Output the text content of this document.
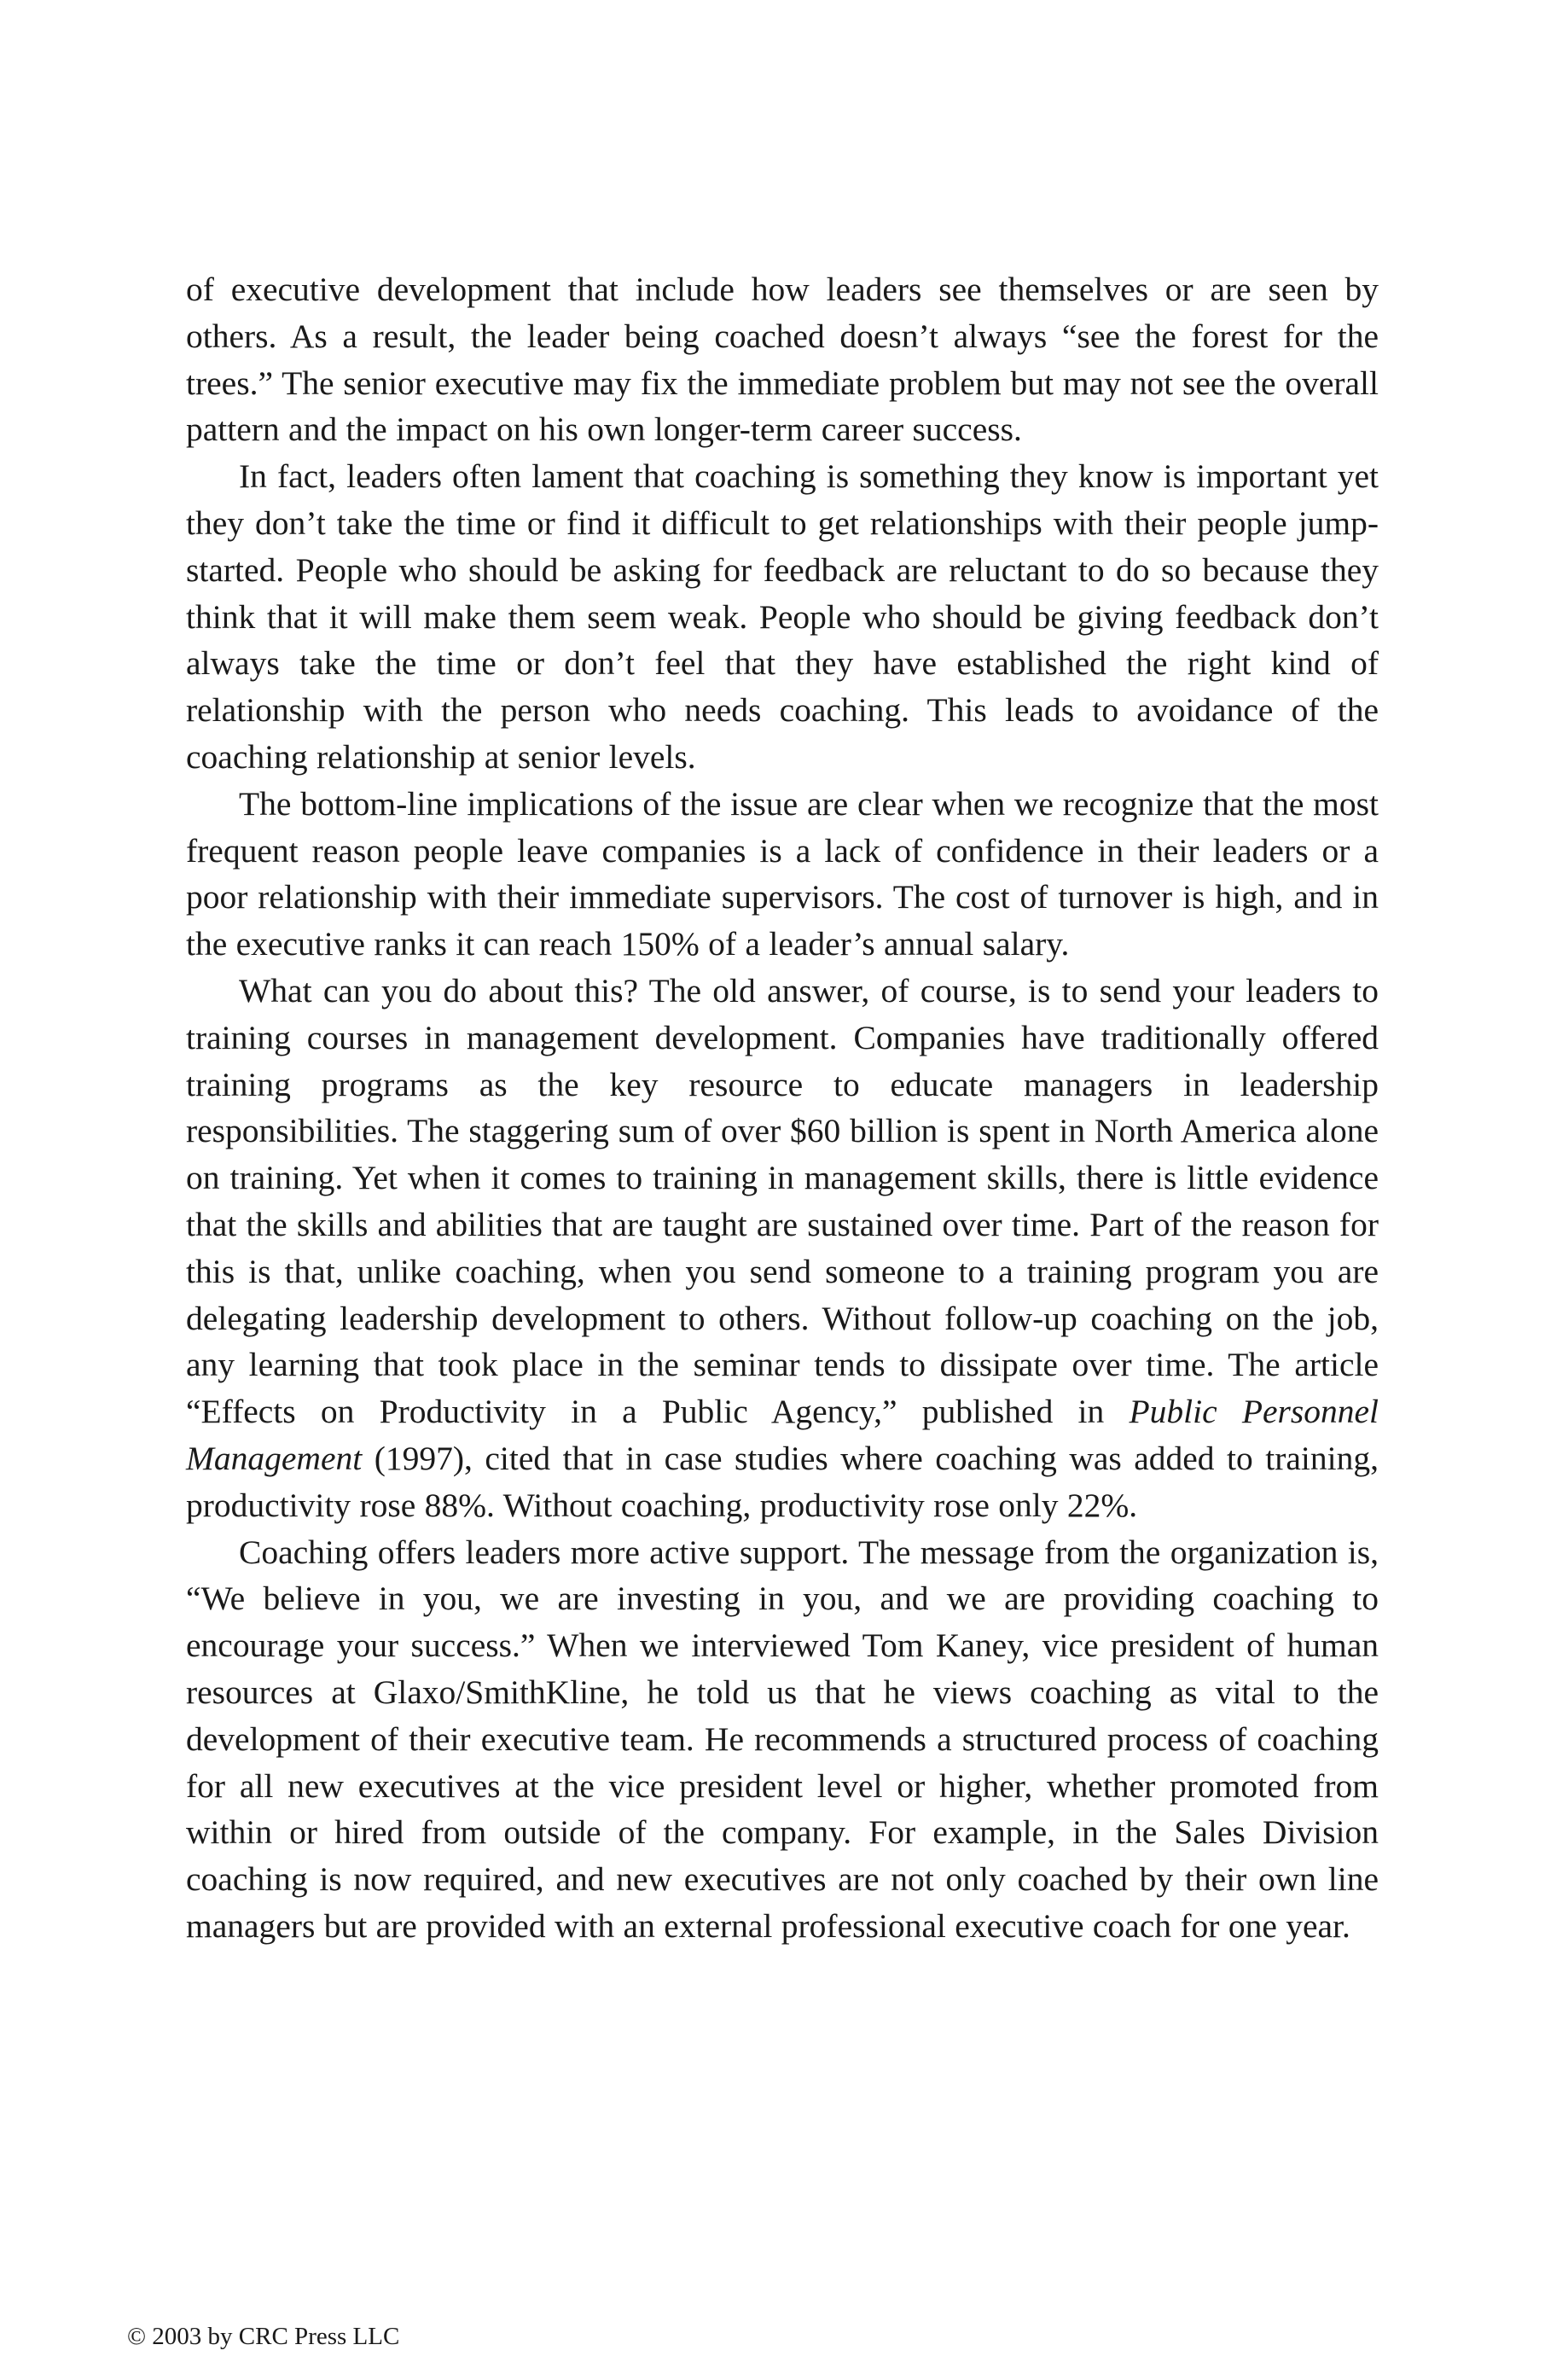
of executive development that include how leaders see themselves or are seen by others. As a result, the leader being coached doesn’t always “see the forest for the trees.” The senior executive may fix the immediate problem but may not see the overall pattern and the impact on his own longer-term career success.

In fact, leaders often lament that coaching is something they know is important yet they don’t take the time or find it difficult to get relationships with their people jump-started. People who should be asking for feedback are reluctant to do so because they think that it will make them seem weak. People who should be giving feedback don’t always take the time or don’t feel that they have established the right kind of relationship with the person who needs coaching. This leads to avoidance of the coaching relationship at senior levels.

The bottom-line implications of the issue are clear when we recognize that the most frequent reason people leave companies is a lack of confidence in their leaders or a poor relationship with their immediate supervisors. The cost of turnover is high, and in the executive ranks it can reach 150% of a leader’s annual salary.

What can you do about this? The old answer, of course, is to send your leaders to training courses in management development. Companies have traditionally offered training programs as the key resource to educate managers in leadership responsibilities. The staggering sum of over $60 billion is spent in North America alone on training. Yet when it comes to training in management skills, there is little evidence that the skills and abilities that are taught are sustained over time. Part of the reason for this is that, unlike coaching, when you send someone to a training program you are delegating leadership development to others. Without follow-up coaching on the job, any learning that took place in the seminar tends to dissipate over time. The article “Effects on Productivity in a Public Agency,” published in Public Personnel Management (1997), cited that in case studies where coaching was added to training, productivity rose 88%. Without coaching, productivity rose only 22%.

Coaching offers leaders more active support. The message from the organization is, “We believe in you, we are investing in you, and we are providing coaching to encourage your success.” When we interviewed Tom Kaney, vice president of human resources at Glaxo/SmithKline, he told us that he views coaching as vital to the development of their executive team. He recommends a structured process of coaching for all new executives at the vice president level or higher, whether promoted from within or hired from outside of the company. For example, in the Sales Division coaching is now required, and new executives are not only coached by their own line managers but are provided with an external professional executive coach for one year.

© 2003 by CRC Press LLC
